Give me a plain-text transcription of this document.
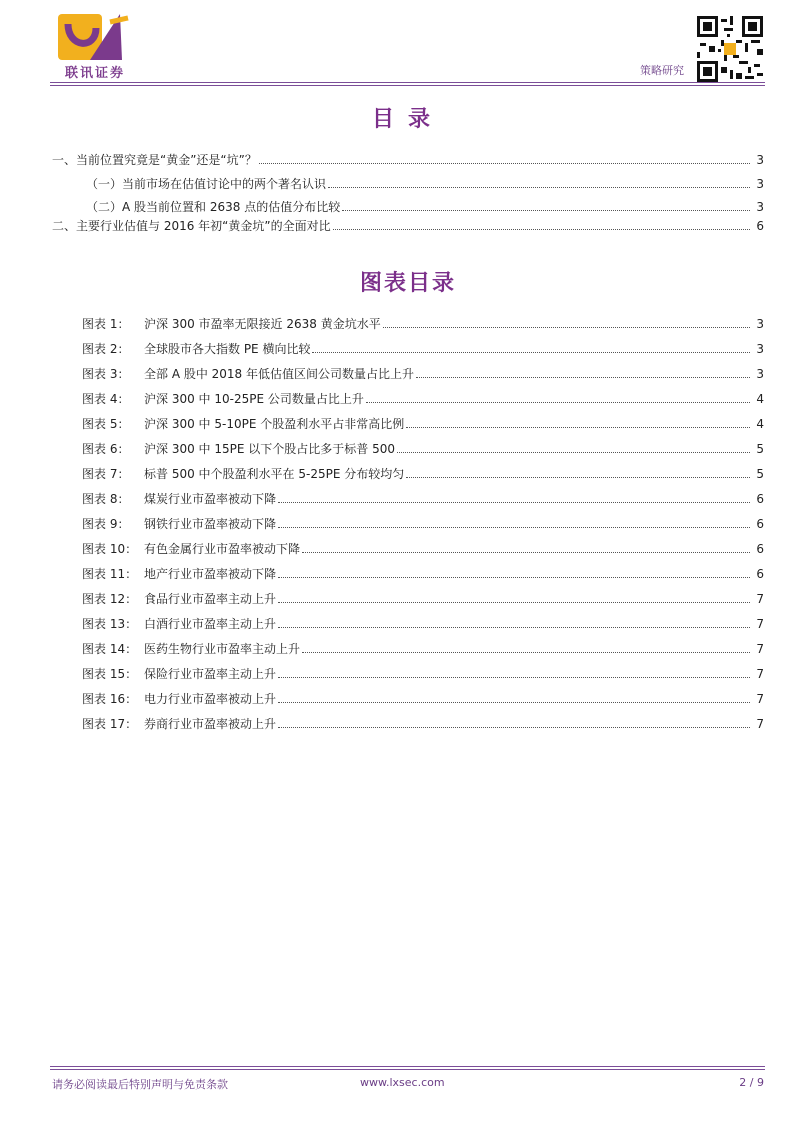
联讯证券	策略研究
目录
一、当前位置究竟是“黄金”还是“坑”？	3
（一）当前市场在估值讨论中的两个著名认识	3
（二）A 股当前位置和 2638 点的估值分布比较	3
二、主要行业估值与 2016 年初“黄金坑”的全面对比	6
图表目录
图表 1：	沪深 300 市盈率无限接近 2638 黄金坑水平	3
图表 2：	全球股市各大指数 PE 横向比较	3
图表 3：	全部 A 股中 2018 年低估值区间公司数量占比上升	3
图表 4：	沪深 300 中 10-25PE 公司数量占比上升	4
图表 5：	沪深 300 中 5-10PE 个股盈利水平占非常高比例	4
图表 6：	沪深 300 中 15PE 以下个股占比多于标普 500	5
图表 7：	标普 500 中个股盈利水平在 5-25PE 分布较均匀	5
图表 8：	煤炭行业市盈率被动下降	6
图表 9：	钢铁行业市盈率被动下降	6
图表 10： 有色金属行业市盈率被动下降	6
图表 11： 地产行业市盈率被动下降	6
图表 12： 食品行业市盈率主动上升	7
图表 13： 白酒行业市盈率主动上升	7
图表 14： 医药生物行业市盈率主动上升	7
图表 15： 保险行业市盈率主动上升	7
图表 16： 电力行业市盈率被动上升	7
图表 17： 券商行业市盈率被动上升	7
请务必阅读最后特别声明与免责条款	www.lxsec.com	2 / 9
